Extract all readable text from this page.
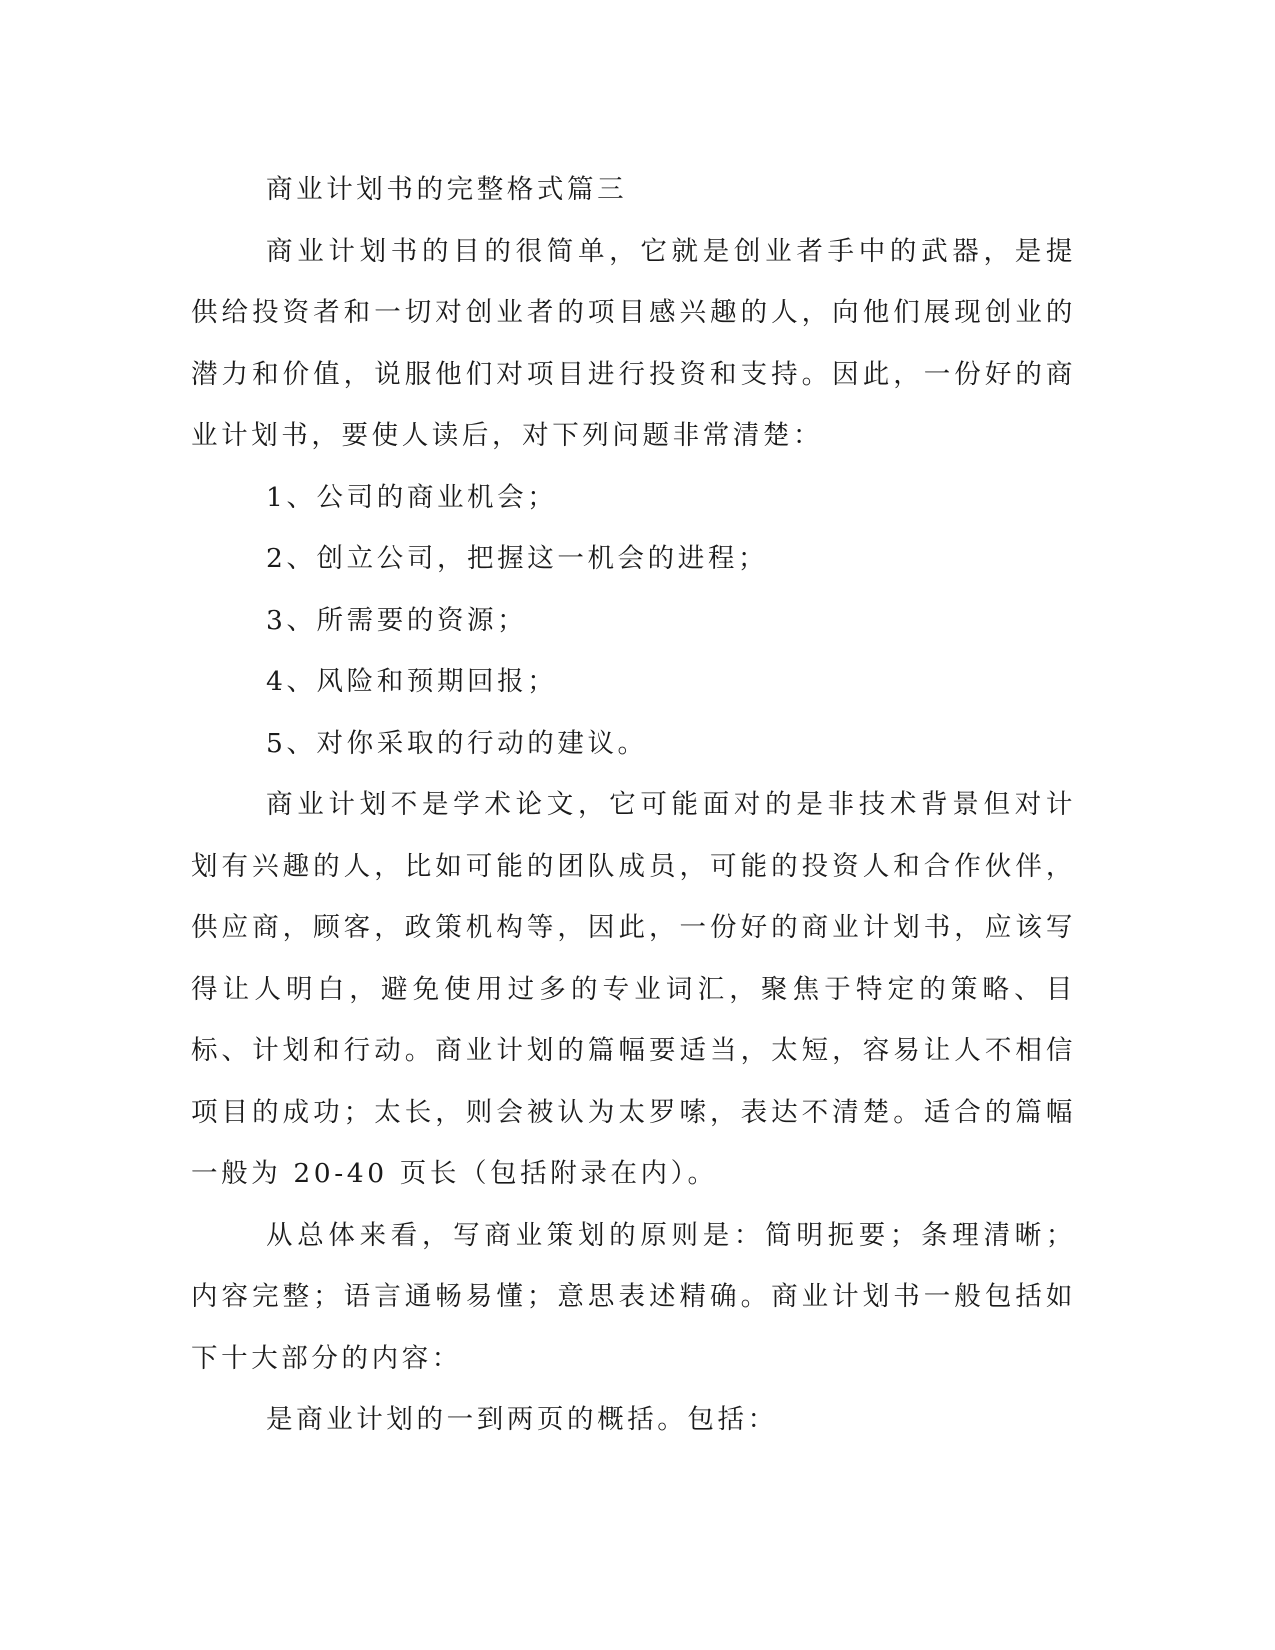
商业计划书的完整格式篇三

商业计划书的目的很简单，它就是创业者手中的武器，是提供给投资者和一切对创业者的项目感兴趣的人，向他们展现创业的潜力和价值，说服他们对项目进行投资和支持。因此，一份好的商业计划书，要使人读后，对下列问题非常清楚：

1、公司的商业机会；

2、创立公司，把握这一机会的进程；

3、所需要的资源；

4、风险和预期回报；

5、对你采取的行动的建议。

商业计划不是学术论文，它可能面对的是非技术背景但对计划有兴趣的人，比如可能的团队成员，可能的投资人和合作伙伴，供应商，顾客，政策机构等，因此，一份好的商业计划书，应该写得让人明白，避免使用过多的专业词汇，聚焦于特定的策略、目标、计划和行动。商业计划的篇幅要适当，太短，容易让人不相信项目的成功；太长，则会被认为太罗嗦，表达不清楚。适合的篇幅一般为 20-40 页长（包括附录在内）。

从总体来看，写商业策划的原则是：简明扼要；条理清晰；内容完整；语言通畅易懂；意思表述精确。商业计划书一般包括如下十大部分的内容：

是商业计划的一到两页的概括。包括：
